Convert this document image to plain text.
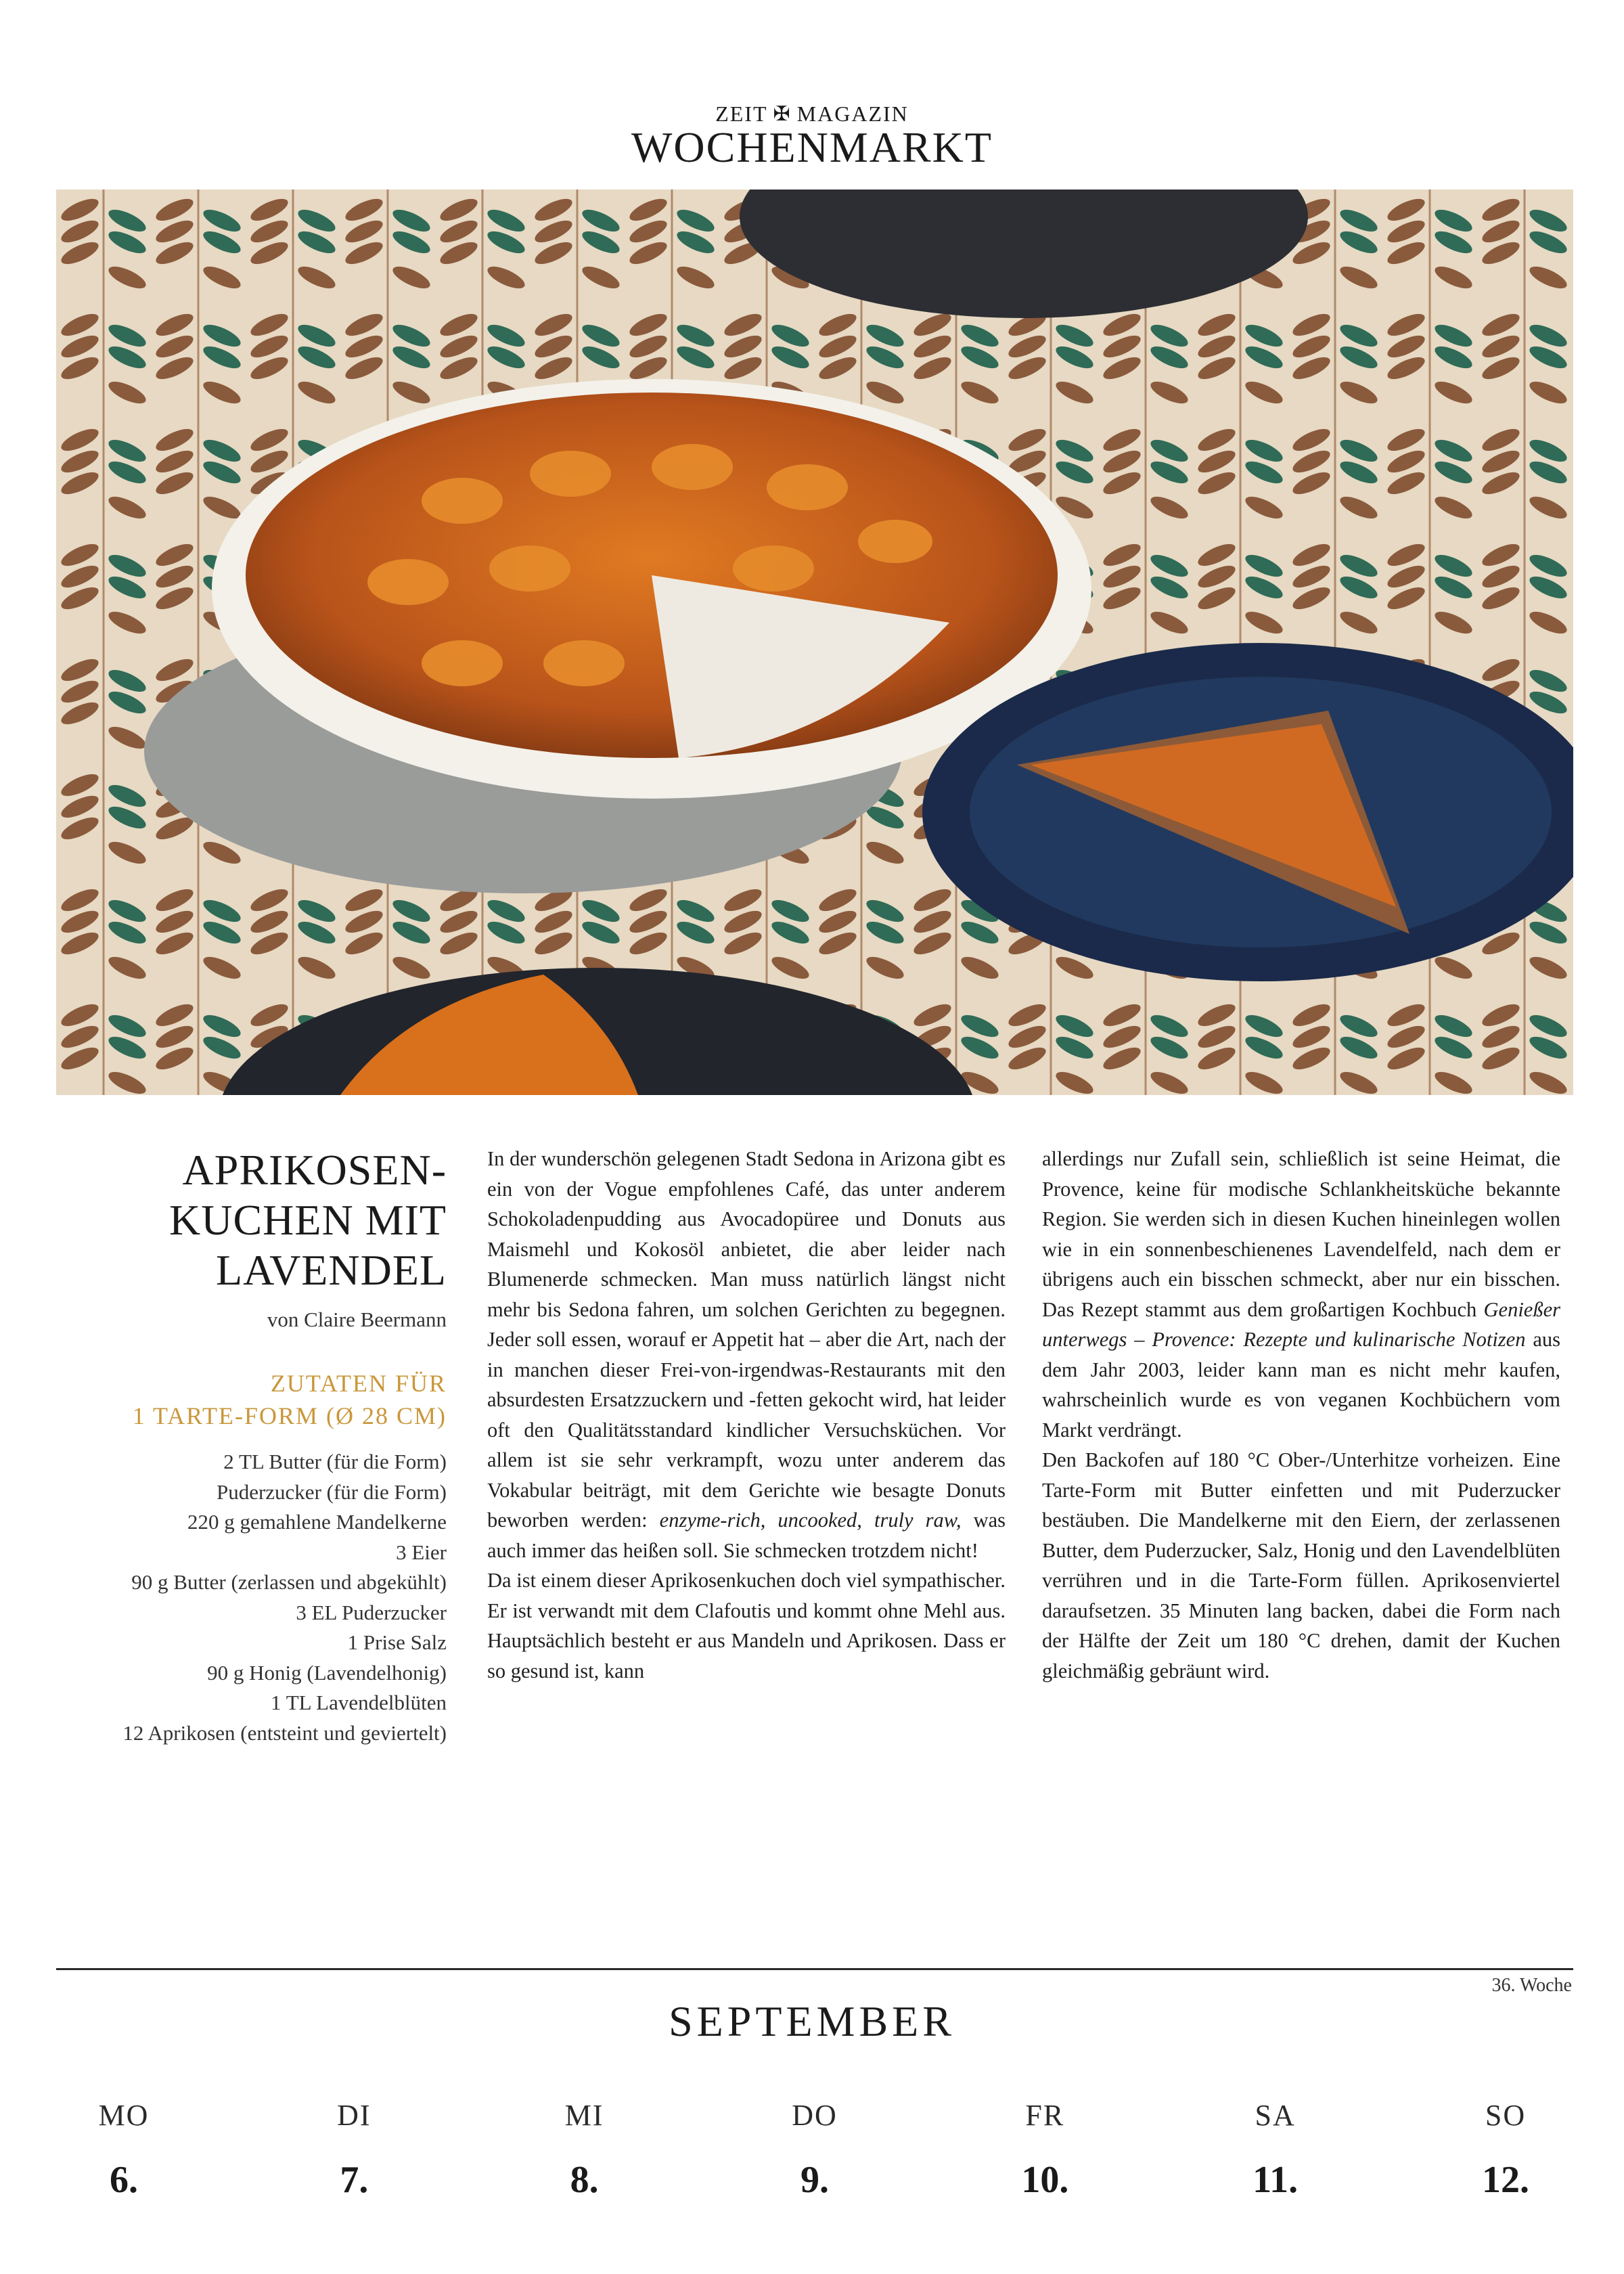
ZEIT ✠ MAGAZIN
WOCHENMARKT
APRIKOSEN-
KUCHEN MIT
LAVENDEL
von Claire Beermann
ZUTATEN FÜR
1 TARTE-FORM (Ø 28 CM)
2 TL Butter (für die Form)
Puderzucker (für die Form)
220 g gemahlene Mandelkerne
3 Eier
90 g Butter (zerlassen und abgekühlt)
3 EL Puderzucker
1 Prise Salz
90 g Honig (Lavendelhonig)
1 TL Lavendelblüten
12 Aprikosen (entsteint und geviertelt)

In der wunderschön gelegenen Stadt Sedona in Arizona gibt es ein von der Vogue empfohlenes Café, das unter anderem Schokoladenpudding aus Avocadopüree und Donuts aus Maismehl und Kokosöl anbietet, die aber leider nach Blumenerde schmecken. Man muss natürlich längst nicht mehr bis Sedona fahren, um solchen Gerichten zu begegnen. Jeder soll essen, worauf er Appetit hat – aber die Art, nach der in manchen dieser Frei-von-irgendwas-Restaurants mit den absurdesten Ersatzzuckern und -fetten gekocht wird, hat leider oft den Qualitätsstandard kindlicher Versuchsküchen. Vor allem ist sie sehr verkrampft, wozu unter anderem das Vokabular beiträgt, mit dem Gerichte wie besagte Donuts beworben werden: enzyme-rich, uncooked, truly raw, was auch immer das heißen soll. Sie schmecken trotzdem nicht!

Da ist einem dieser Aprikosenkuchen doch viel sympathischer. Er ist verwandt mit dem Clafoutis und kommt ohne Mehl aus. Hauptsächlich besteht er aus Mandeln und Aprikosen. Dass er so gesund ist, kann

allerdings nur Zufall sein, schließlich ist seine Heimat, die Provence, keine für modische Schlankheitsküche bekannte Region. Sie werden sich in diesen Kuchen hineinlegen wollen wie in ein sonnenbeschienenes Lavendelfeld, nach dem er übrigens auch ein bisschen schmeckt, aber nur ein bisschen. Das Rezept stammt aus dem großartigen Kochbuch Genießer unterwegs – Provence: Rezepte und kulinarische Notizen aus dem Jahr 2003, leider kann man es nicht mehr kaufen, wahrscheinlich wurde es von veganen Kochbüchern vom Markt verdrängt.

Den Backofen auf 180 °C Ober-/Unterhitze vorheizen. Eine Tarte-Form mit Butter einfetten und mit Puderzucker bestäuben. Die Mandelkerne mit den Eiern, der zerlassenen Butter, dem Puderzucker, Salz, Honig und den Lavendelblüten verrühren und in die Tarte-Form füllen. Aprikosenviertel daraufsetzen. 35 Minuten lang backen, dabei die Form nach der Hälfte der Zeit um 180 °C drehen, damit der Kuchen gleichmäßig gebräunt wird.

36. Woche
SEPTEMBER
MO
6.
DI
7.
MI
8.
DO
9.
FR
10.
SA
11.
SO
12.
